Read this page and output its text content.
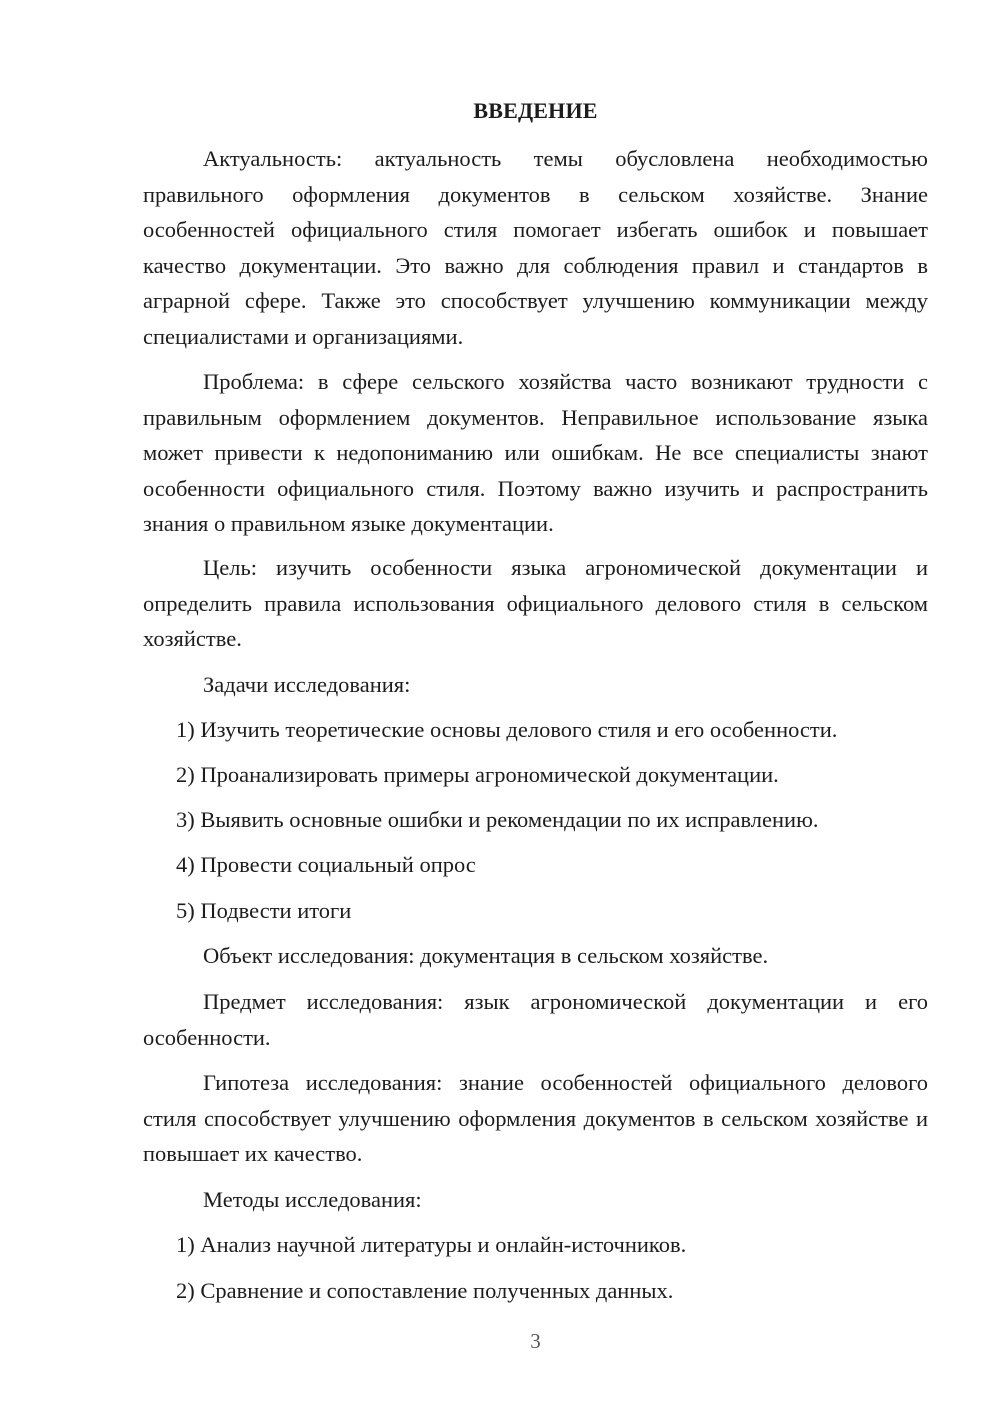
ВВЕДЕНИЕ
Актуальность: актуальность темы обусловлена необходимостью правильного оформления документов в сельском хозяйстве. Знание особенностей официального стиля помогает избегать ошибок и повышает качество документации. Это важно для соблюдения правил и стандартов в аграрной сфере. Также это способствует улучшению коммуникации между специалистами и организациями.
Проблема: в сфере сельского хозяйства часто возникают трудности с правильным оформлением документов. Неправильное использование языка может привести к недопониманию или ошибкам. Не все специалисты знают особенности официального стиля. Поэтому важно изучить и распространить знания о правильном языке документации.
Цель: изучить особенности языка агрономической документации и определить правила использования официального делового стиля в сельском хозяйстве.
Задачи исследования:
1) Изучить теоретические основы делового стиля и его особенности.
2) Проанализировать примеры агрономической документации.
3) Выявить основные ошибки и рекомендации по их исправлению.
4) Провести социальный опрос
5) Подвести итоги
Объект исследования: документация в сельском хозяйстве.
Предмет исследования: язык агрономической документации и его особенности.
Гипотеза исследования: знание особенностей официального делового стиля способствует улучшению оформления документов в сельском хозяйстве и повышает их качество.
Методы исследования:
1) Анализ научной литературы и онлайн-источников.
2) Сравнение и сопоставление полученных данных.
3
